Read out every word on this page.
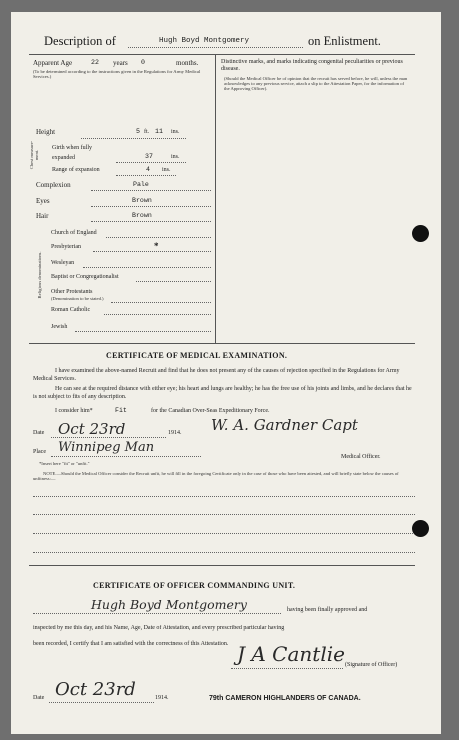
Description of	Hugh Boyd Montgomery	on Enlistment.
Apparent Age	22 years 0	months.
(To be determined according to the instructions given in the Regulations for Army Medical Services.)
Distinctive marks, and marks indicating congenital peculiarities or previous disease.
(Should the Medical Officer be of opinion that the recruit has served before, he will, unless the man acknowledges to any previous service, attach a slip to the Attestation Paper, for the information of the Approving Officer).
Height	5 ft. 11 ins.
Chest measure-ment.
Girth when fully expanded	37	ins.
Range of expansion	4 ins.
Complexion	Pale
Eyes	Brown
Hair	Brown
Religious denominations.
Church of England
Presbyterian	*
Wesleyan
Baptist or Congregationalist
Other Protestants
(Denomination to be stated.)
Roman Catholic
Jewish
CERTIFICATE OF MEDICAL EXAMINATION.
I have examined the above-named Recruit and find that he does not present any of the causes of rejection specified in the Regulations for Army Medical Services.
He can see at the required distance with either eye; his heart and lungs are healthy; he has the free use of his joints and limbs, and he declares that he is not subject to fits of any description.
I consider him*	Fit	for the Canadian Over-Seas Expeditionary Force.
Date Oct 23rd	1914.
Place Winnipeg Man
W. A. Gardner Capt
Medical Officer.
*Insert here "fit" or "unfit."
NOTE.—Should the Medical Officer consider the Recruit unfit, he will fill in the foregoing Certificate only in the case of those who have been attested, and will briefly state below the causes of unfitness:—
CERTIFICATE OF OFFICER COMMANDING UNIT.
Hugh Boyd Montgomery	having been finally approved and
inspected by me this day, and his Name, Age, Date of Attestation, and every prescribed particular having
been recorded, I certify that I am satisfied with the correctness of this Attestation. J A Cantlie (Signature of Officer)
Date Oct 23rd	1914.	79th CAMERON HIGHLANDERS OF CANADA.
